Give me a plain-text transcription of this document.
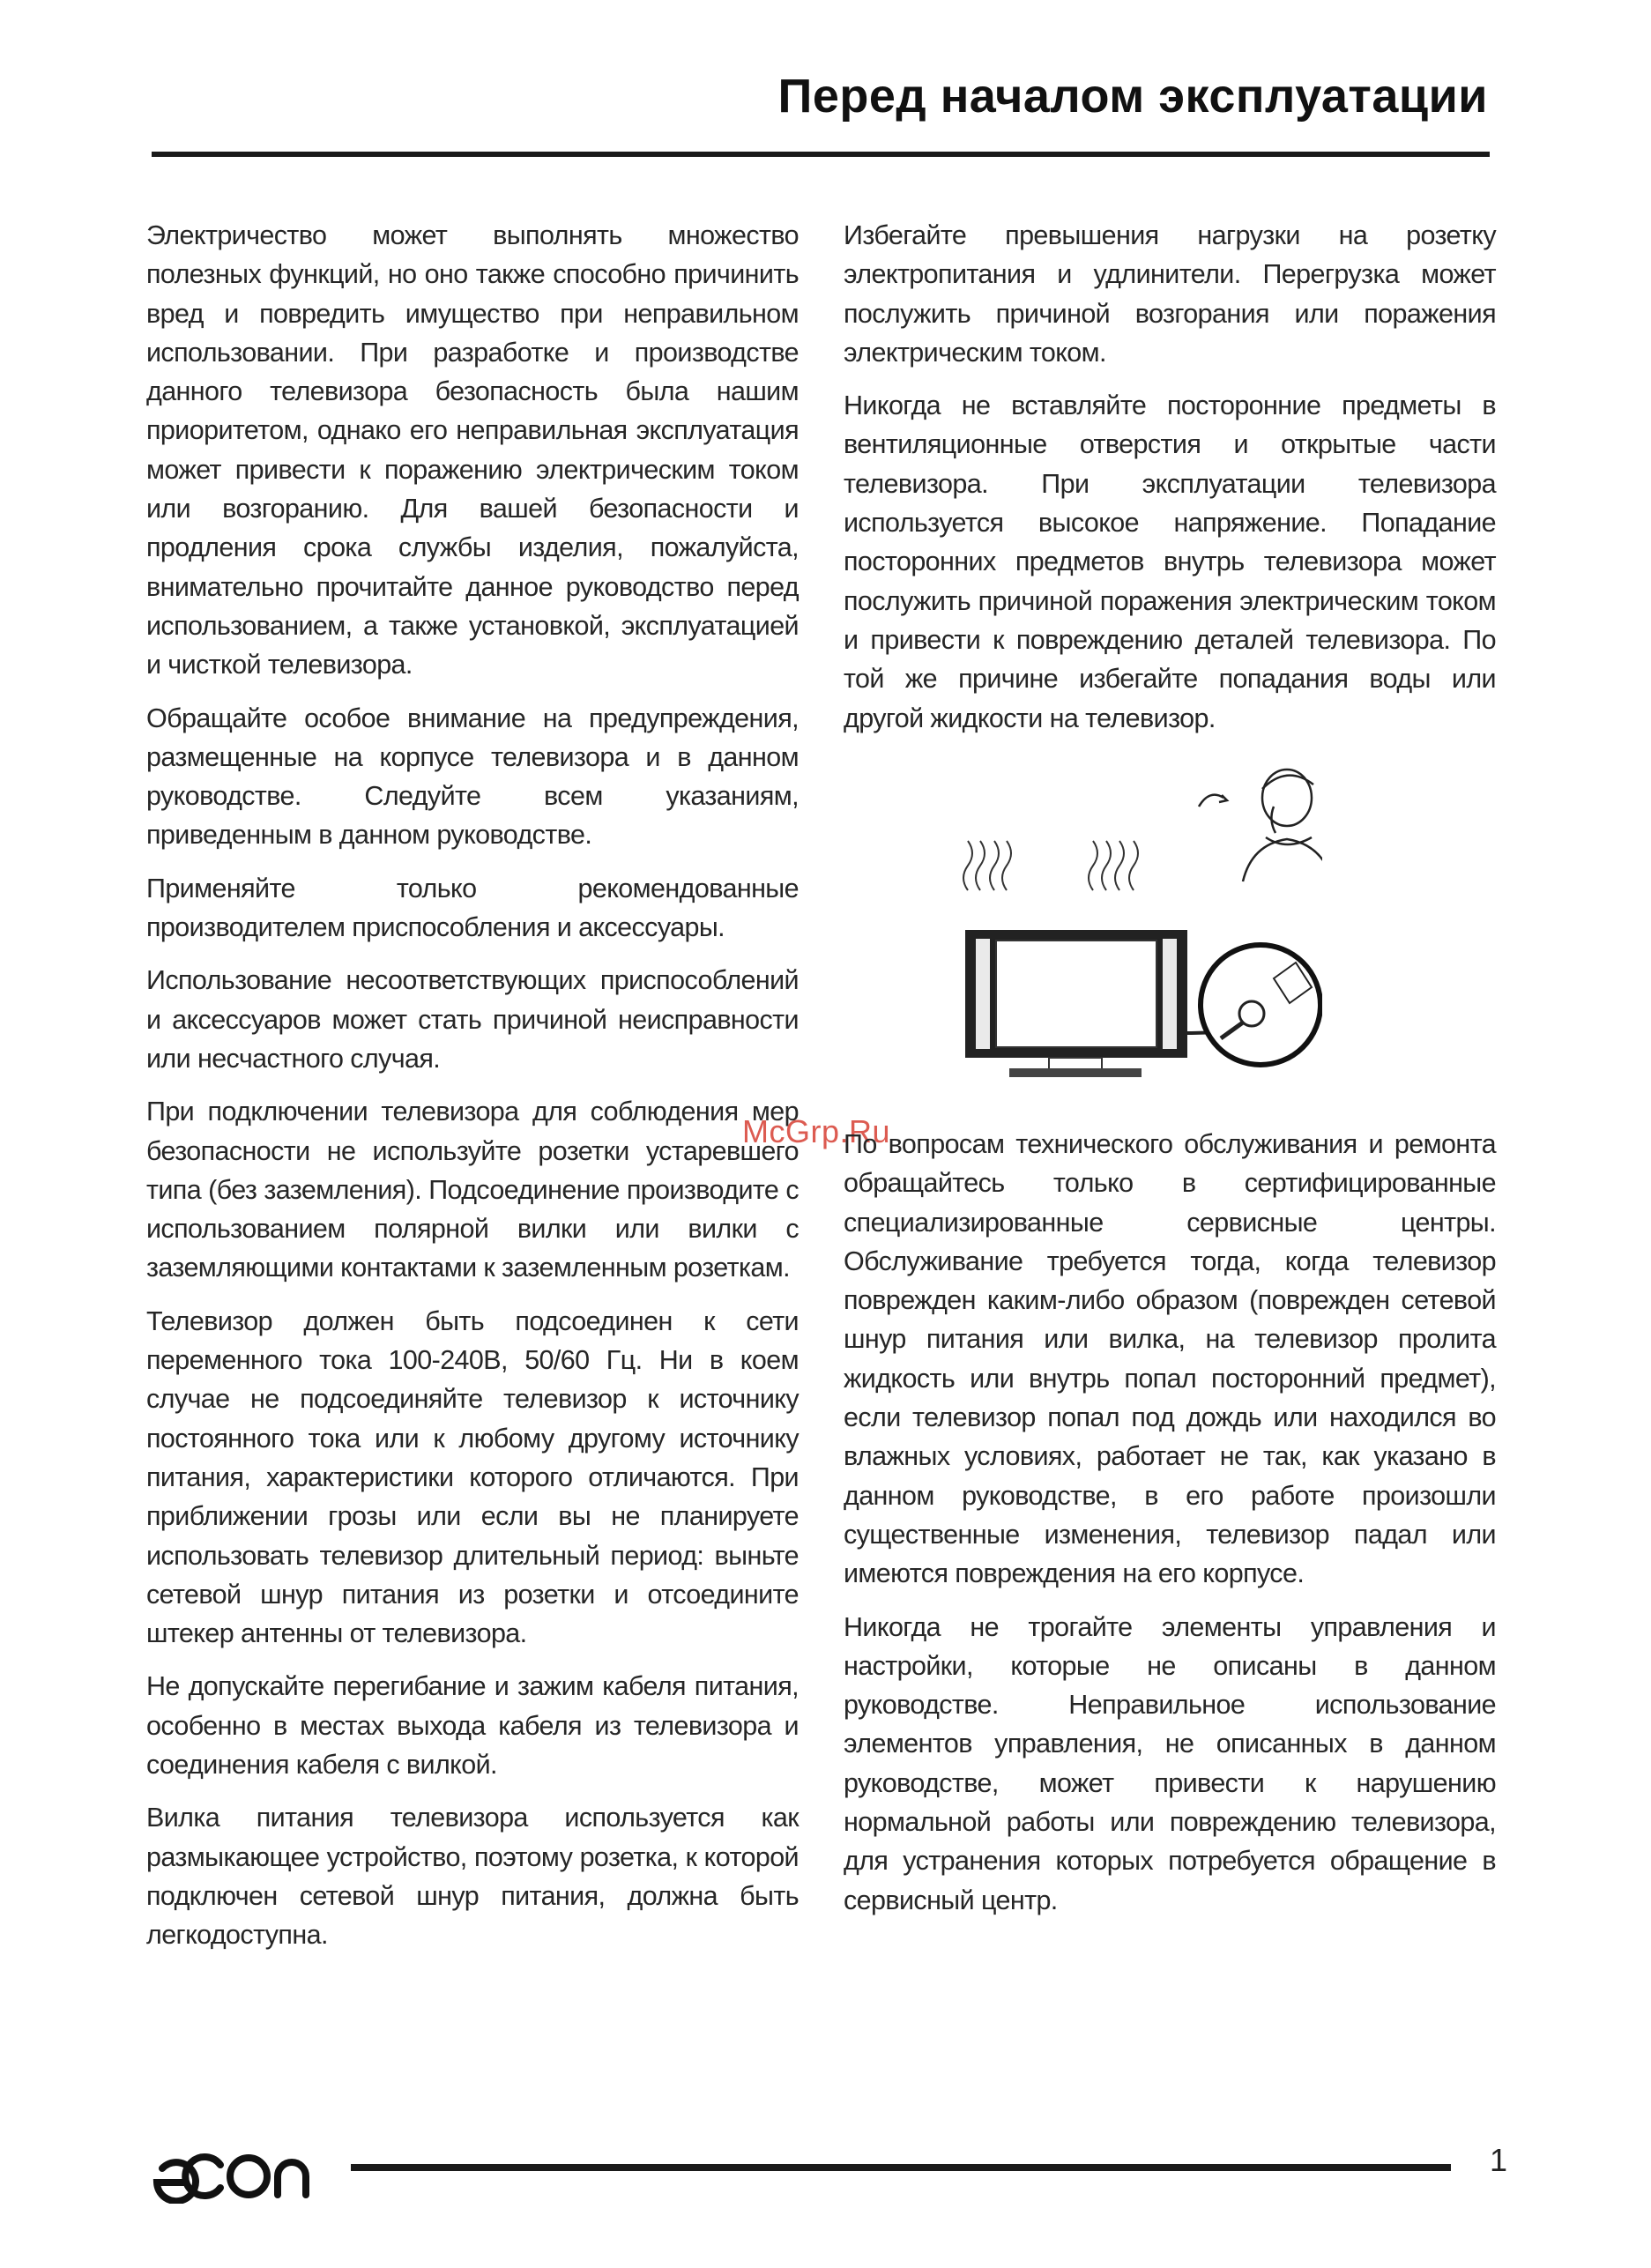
Перед началом эксплуатации

Электричество может выполнять множество полезных функций, но оно также способно причинить вред и повредить имущество при неправильном использовании. При разработке и производстве данного телевизора безопасность была нашим приоритетом, однако его неправильная эксплуатация может привести к поражению электрическим током или возгоранию. Для вашей безопасности и продления срока службы изделия, пожалуйста, внимательно прочитайте данное руководство перед использованием, а также установкой, эксплуатацией и чисткой телевизора.

Обращайте особое внимание на предупреждения, размещенные на корпусе телевизора и в данном руководстве. Следуйте всем указаниям, приведенным в данном руководстве.

Применяйте только рекомендованные производителем приспособления и аксессуары.

Использование несоответствующих приспособлений и аксессуаров может стать причиной неисправности или несчастного случая.

При подключении телевизора для соблюдения мер безопасности не используйте розетки устаревшего типа (без заземления). Подсоединение производите с использованием полярной вилки или вилки с заземляющими контактами к заземленным розеткам.

Телевизор должен быть подсоединен к сети переменного тока 100-240В, 50/60 Гц. Ни в коем случае не подсоединяйте телевизор к источнику постоянного тока или к любому другому источнику питания, характеристики которого отличаются. При приближении грозы или если вы не планируете использовать телевизор длительный период: выньте сетевой шнур питания из розетки и отсоедините штекер антенны от телевизора.

Не допускайте перегибание и зажим кабеля питания, особенно в местах выхода кабеля из телевизора и соединения кабеля с вилкой.

Вилка питания телевизора используется как размыкающее устройство, поэтому розетка, к которой подключен сетевой шнур питания, должна быть легкодоступна.

Избегайте превышения нагрузки на розетку электропитания и удлинители. Перегрузка может послужить причиной возгорания или поражения электрическим током.

Никогда не вставляйте посторонние предметы в вентиляционные отверстия и открытые части телевизора. При эксплуатации телевизора используется высокое напряжение. Попадание посторонних предметов внутрь телевизора может послужить причиной поражения электрическим током и привести к повреждению деталей телевизора. По той же причине избегайте попадания воды или другой жидкости на телевизор.

McGrp.Ru

По вопросам технического обслуживания и ремонта обращайтесь только в сертифицированные специализированные сервисные центры. Обслуживание требуется тогда, когда телевизор поврежден каким-либо образом (поврежден сетевой шнур питания или вилка, на телевизор пролита жидкость или внутрь попал посторонний предмет), если телевизор попал под дождь или находился во влажных условиях, работает не так, как указано в данном руководстве, в его работе произошли существенные изменения, телевизор падал или имеются повреждения на его корпусе.

Никогда не трогайте элементы управления и настройки, которые не описаны в данном руководстве. Неправильное использование элементов управления, не описанных в данном руководстве, может привести к нарушению нормальной работы или повреждению телевизора, для устранения которых потребуется обращение в сервисный центр.

1
